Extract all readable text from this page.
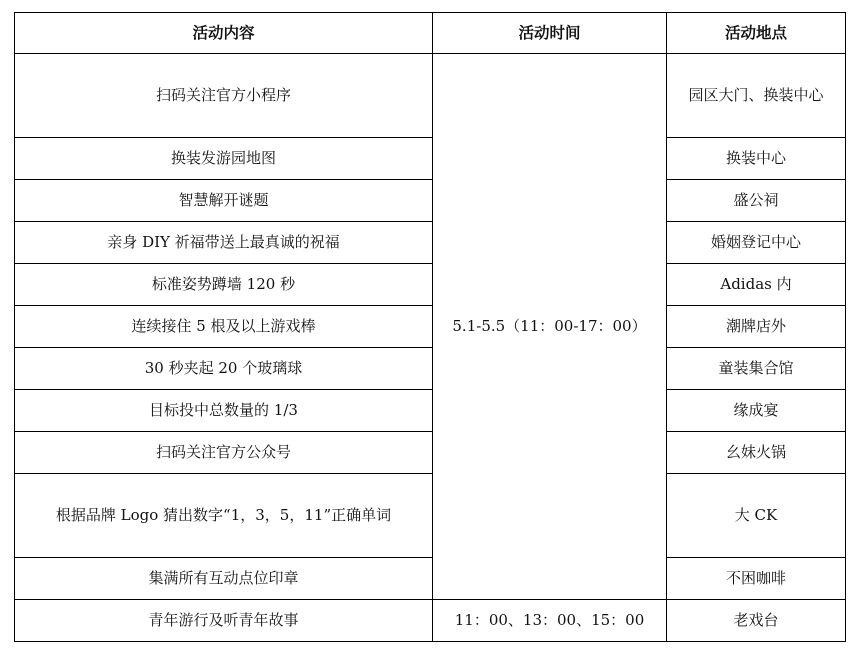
活动内容	活动时间	活动地点
扫码关注官方小程序	5.1-5.5（11：00-17：00）	园区大门、换装中心
换装发游园地图		换装中心
智慧解开谜题		盛公祠
亲身 DIY 祈福带送上最真诚的祝福		婚姻登记中心
标准姿势蹲墙 120 秒		Adidas 内
连续接住 5 根及以上游戏棒		潮牌店外
30 秒夹起 20 个玻璃球		童装集合馆
目标投中总数量的 1/3		缘成宴
扫码关注官方公众号		幺妹火锅
根据品牌 Logo 猜出数字“1，3，5，11”正确单词		大 CK
集满所有互动点位印章		不困咖啡
青年游行及听青年故事	11：00、13：00、15：00	老戏台
